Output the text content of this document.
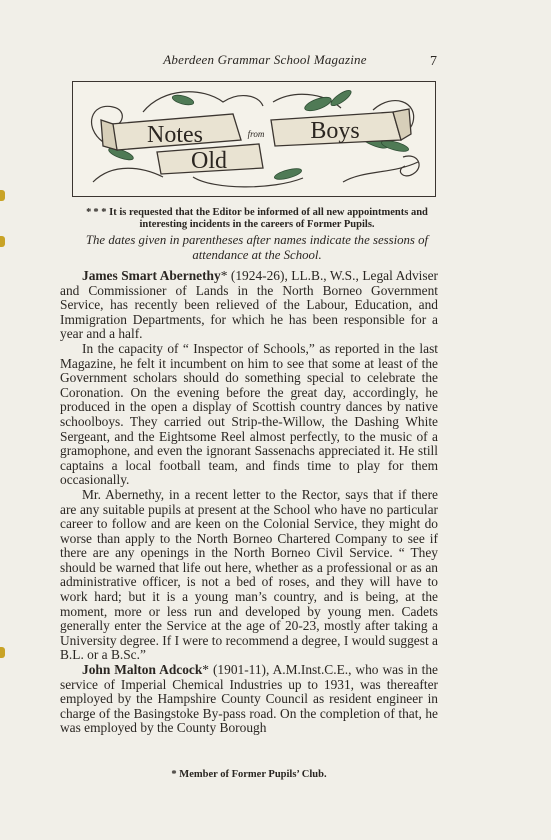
Aberdeen Grammar School Magazine	7
Notes	from
Old
Boys
* * * It is requested that the Editor be informed of all new appointments and interesting incidents in the careers of Former Pupils.
The dates given in parentheses after names indicate the sessions of attendance at the School.

James Smart Abernethy* (1924-26), LL.B., W.S., Legal Adviser and Commissioner of Lands in the North Borneo Government Service, has recently been relieved of the Labour, Education, and Immigration Departments, for which he has been responsible for a year and a half.

In the capacity of “ Inspector of Schools,” as reported in the last Magazine, he felt it incumbent on him to see that some at least of the Government scholars should do something special to celebrate the Coronation. On the evening before the great day, accordingly, he produced in the open a display of Scottish country dances by native schoolboys. They carried out Strip-the-Willow, the Dashing White Sergeant, and the Eightsome Reel almost perfectly, to the music of a gramophone, and even the ignorant Sassenachs appreciated it. He still captains a local football team, and finds time to play for them occasionally.

Mr. Abernethy, in a recent letter to the Rector, says that if there are any suitable pupils at present at the School who have no particular career to follow and are keen on the Colonial Service, they might do worse than apply to the North Borneo Chartered Company to see if there are any openings in the North Borneo Civil Service. “ They should be warned that life out here, whether as a professional or as an administrative officer, is not a bed of roses, and they will have to work hard; but it is a young man’s country, and is being, at the moment, more or less run and developed by young men. Cadets generally enter the Service at the age of 20-23, mostly after taking a University degree. If I were to recommend a degree, I would suggest a B.L. or a B.Sc.”

John Malton Adcock* (1901-11), A.M.Inst.C.E., who was in the service of Imperial Chemical Industries up to 1931, was thereafter employed by the Hampshire County Council as resident engineer in charge of the Basingstoke By-pass road. On the completion of that, he was employed by the County Borough

* Member of Former Pupils’ Club.
